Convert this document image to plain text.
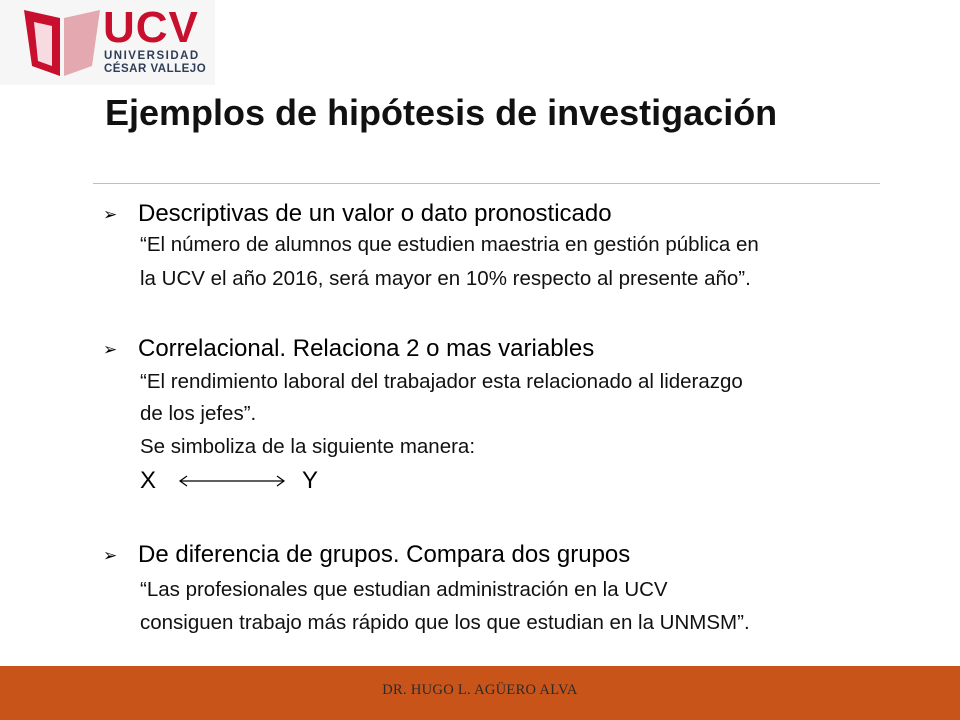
UCV
UNIVERSIDAD
CÉSAR VALLEJO
Ejemplos de hipótesis de investigación
➢ Descriptivas de un valor o dato pronosticado
“El número de alumnos que estudien maestria en gestión pública en
la UCV el año 2016, será mayor en 10% respecto al presente año”.
➢ Correlacional. Relaciona 2 o mas variables
“El rendimiento laboral del trabajador esta relacionado al liderazgo
de los jefes”.
Se simboliza de la siguiente manera:
X	Y
➢ De diferencia de grupos. Compara dos grupos
“Las profesionales que estudian administración en la UCV
consiguen trabajo más rápido que los que estudian en la UNMSM”.
DR. HUGO L. AGÜERO ALVA
